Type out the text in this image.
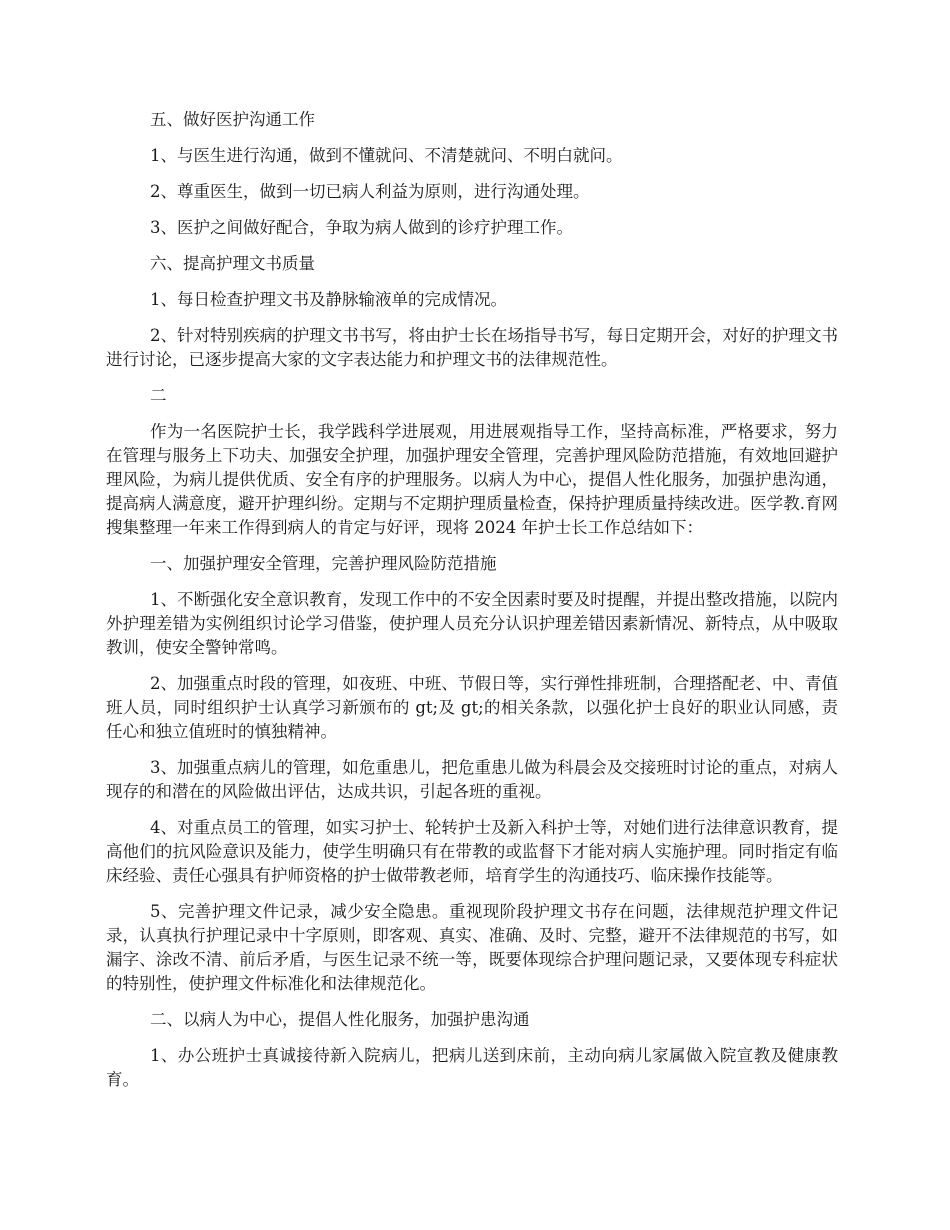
五、做好医护沟通工作

1、与医生进行沟通，做到不懂就问、不清楚就问、不明白就问。

2、尊重医生，做到一切已病人利益为原则，进行沟通处理。

3、医护之间做好配合，争取为病人做到的诊疗护理工作。

六、提高护理文书质量

1、每日检查护理文书及静脉输液单的完成情况。

2、针对特别疾病的护理文书书写，将由护士长在场指导书写，每日定期开会，对好的护理文书进行讨论，已逐步提高大家的文字表达能力和护理文书的法律规范性。

二

作为一名医院护士长，我学践科学进展观，用进展观指导工作，坚持高标准，严格要求，努力在管理与服务上下功夫、加强安全护理，加强护理安全管理，完善护理风险防范措施，有效地回避护理风险，为病儿提供优质、安全有序的护理服务。以病人为中心，提倡人性化服务，加强护患沟通，提高病人满意度，避开护理纠纷。定期与不定期护理质量检查，保持护理质量持续改进。医学教.育网搜集整理一年来工作得到病人的肯定与好评，现将 2024 年护士长工作总结如下：

一、加强护理安全管理，完善护理风险防范措施

1、不断强化安全意识教育，发现工作中的不安全因素时要及时提醒，并提出整改措施，以院内外护理差错为实例组织讨论学习借鉴，使护理人员充分认识护理差错因素新情况、新特点，从中吸取教训，使安全警钟常鸣。

2、加强重点时段的管理，如夜班、中班、节假日等，实行弹性排班制，合理搭配老、中、青值班人员，同时组织护士认真学习新颁布的 gt;及 gt;的相关条款，以强化护士良好的职业认同感，责任心和独立值班时的慎独精神。

3、加强重点病儿的管理，如危重患儿，把危重患儿做为科晨会及交接班时讨论的重点，对病人现存的和潜在的风险做出评估，达成共识，引起各班的重视。

4、对重点员工的管理，如实习护士、轮转护士及新入科护士等，对她们进行法律意识教育，提高他们的抗风险意识及能力，使学生明确只有在带教的或监督下才能对病人实施护理。同时指定有临床经验、责任心强具有护师资格的护士做带教老师，培育学生的沟通技巧、临床操作技能等。

5、完善护理文件记录，减少安全隐患。重视现阶段护理文书存在问题，法律规范护理文件记录，认真执行护理记录中十字原则，即客观、真实、准确、及时、完整，避开不法律规范的书写，如漏字、涂改不清、前后矛盾，与医生记录不统一等，既要体现综合护理问题记录，又要体现专科症状的特别性，使护理文件标准化和法律规范化。

二、以病人为中心，提倡人性化服务，加强护患沟通

1、办公班护士真诚接待新入院病儿，把病儿送到床前，主动向病儿家属做入院宣教及健康教育。
